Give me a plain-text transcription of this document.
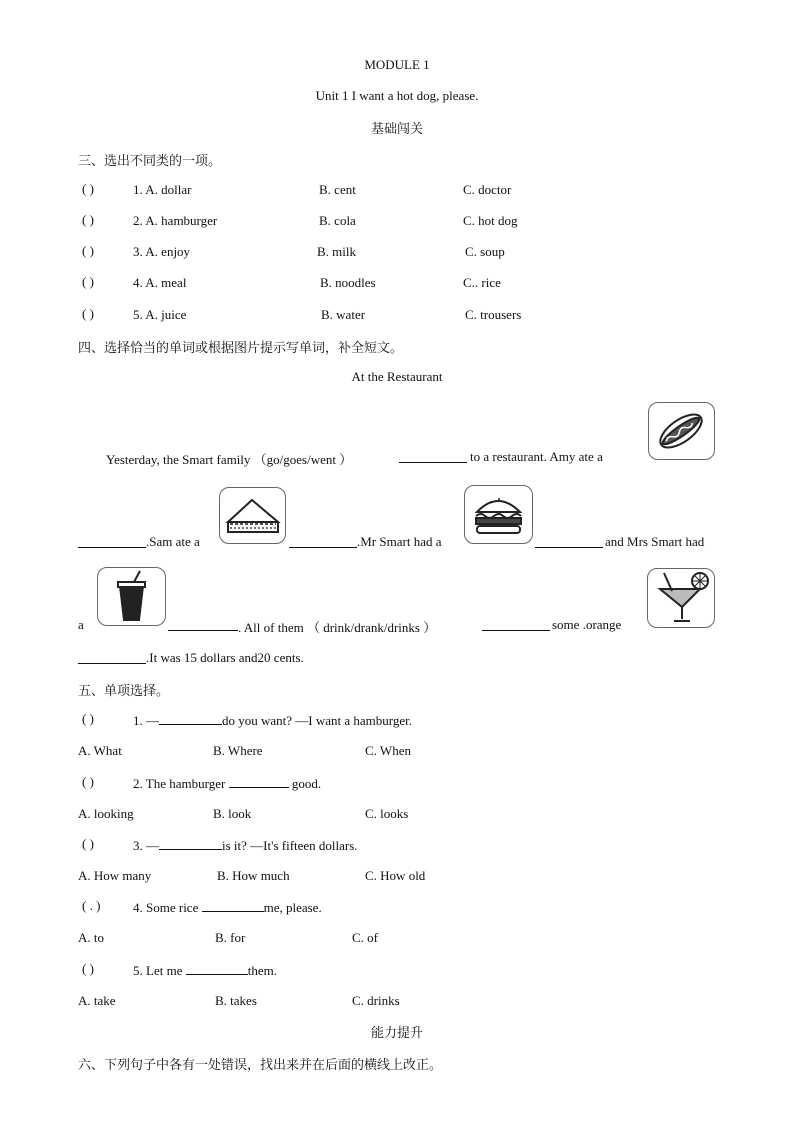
MODULE 1
Unit 1 I want a hot dog, please.
基础闯关
三、选出不同类的一项。
( )	1. A. dollar	B. cent	C. doctor
( )	2. A. hamburger	B. cola	C. hot dog
( )	3. A. enjoy	B. milk	C. soup
( )	4. A. meal	B. noodles	C.. rice
( )	5. A. juice	B. water	C. trousers
四、选择恰当的单词或根据图片提示写单词，补全短文。
At the Restaurant
Yesterday, the Smart family （go/goes/went ）	to a restaurant. Amy ate a
.Sam ate a	.Mr Smart had a	and Mrs Smart had
a	. All of them （ drink/drank/drinks ）	some .orange
.It was 15 dollars and20 cents.
五、单项选择。
( )	1. —	do you want? —I want a hamburger.
A. What	B. Where	C. When
( )	2. The hamburger	good.
A. looking	B. look	C. looks
( )	3. —	is it? —It's fifteen dollars.
A. How many	B. How much	C. How old
( . )	4. Some rice	me, please.
A. to	B. for	C. of
( )	5. Let me	them.
A. take	B. takes	C. drinks
能力提升
六、下列句子中各有一处错误，找出来并在后面的横线上改正。
